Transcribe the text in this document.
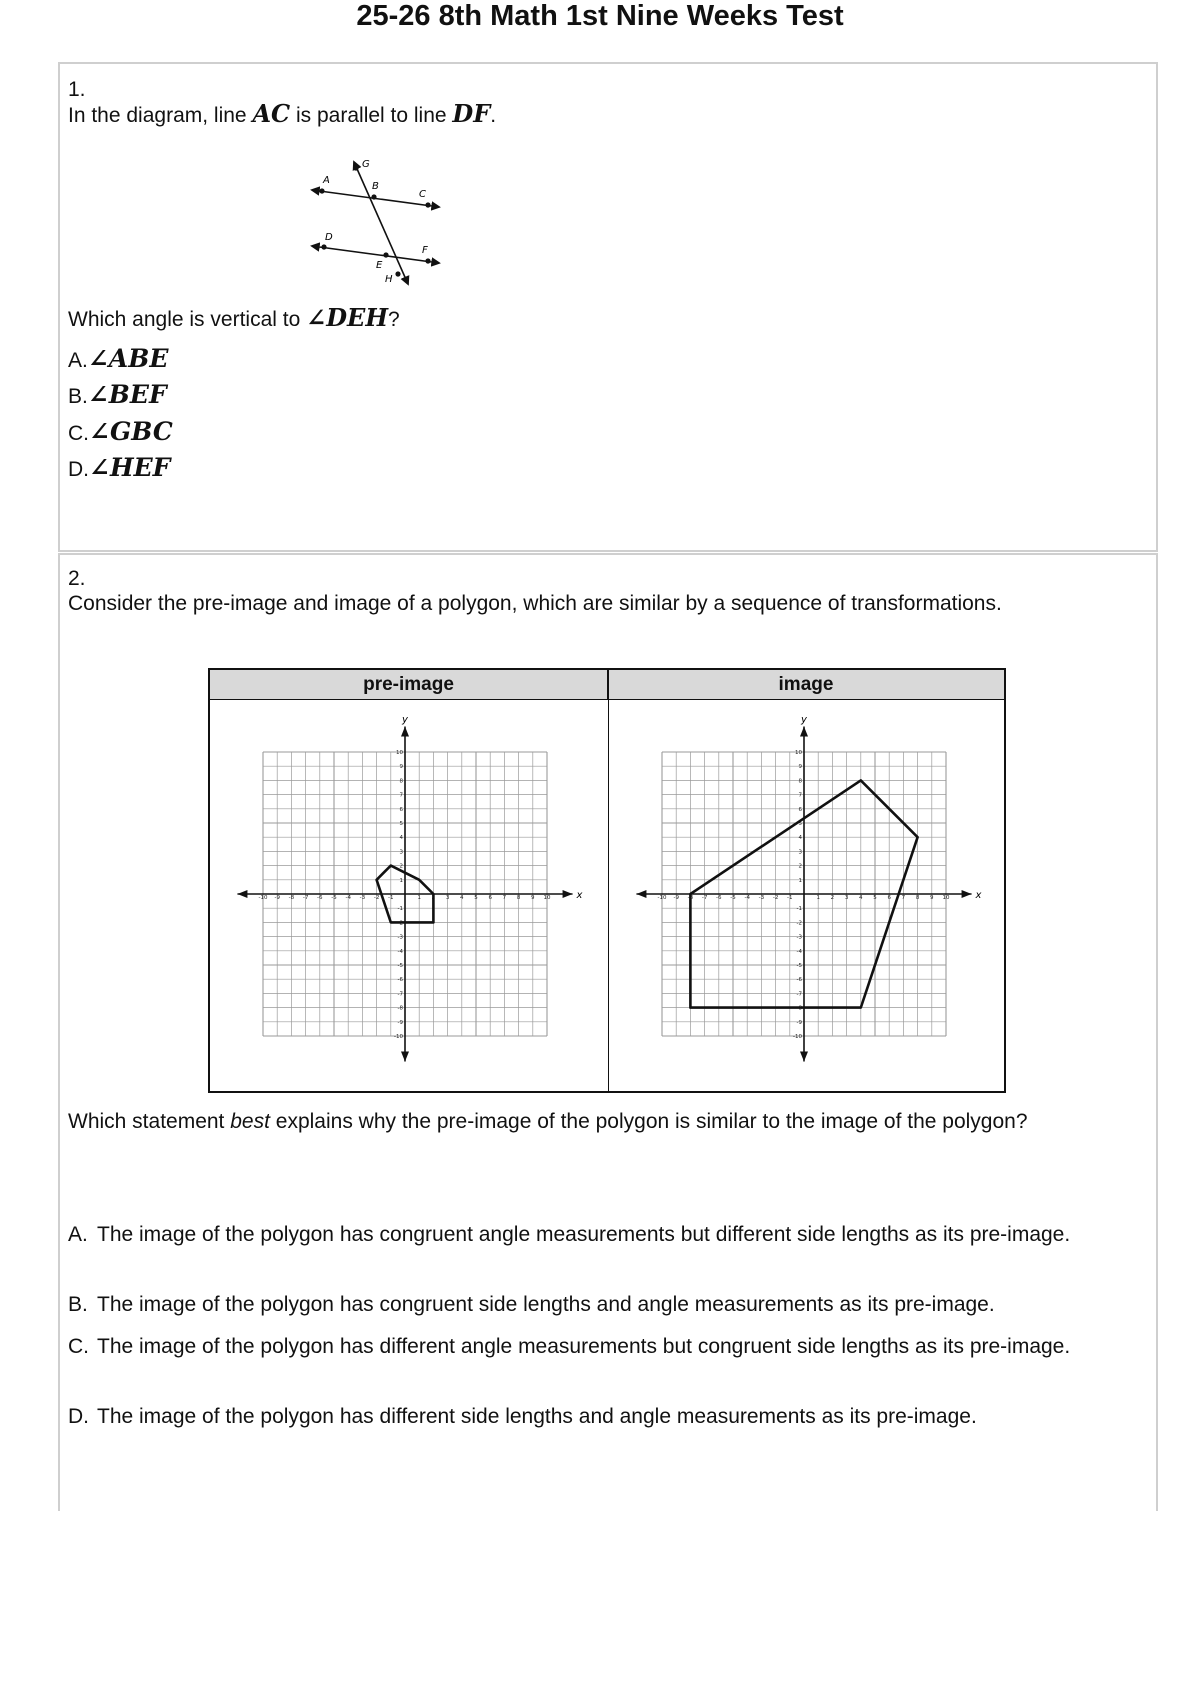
25-26 8th Math 1st Nine Weeks Test
1.
In the diagram, line AC is parallel to line DF.
G
A
B
C
D
F
E
H
Which angle is vertical to ∠DEH?
A.∠ABE
B.∠BEF
C.∠GBC
D.∠HEF
2.
Consider the pre-image and image of a polygon, which are similar by a sequence of transformations.
pre-image	image
x
y
-10 -9 -8 -7 -6 -5 -4 -3 -2 -1	1 2 3 4 5 6 7 8 9 10
-10
-9
-8
-7
-6
-5
-4
-3
-2
-1
1
2
3
4
5
6
7
8
9
10
x
y
-10 -9 -8 -7 -6 -5 -4 -3 -2 -1	1 2 3 4 5 6 7 8 9 10
-10
-9
-8
-7
-6
-5
-4
-3
-2
-1
1
2
3
4
5
6
7
8
9
10
Which statement best explains why the pre-image of the polygon is similar to the image of the polygon?
A. The image of the polygon has congruent angle measurements but different side lengths as its pre-image.
B. The image of the polygon has congruent side lengths and angle measurements as its pre-image.
C. The image of the polygon has different angle measurements but congruent side lengths as its pre-image.
D. The image of the polygon has different side lengths and angle measurements as its pre-image.
